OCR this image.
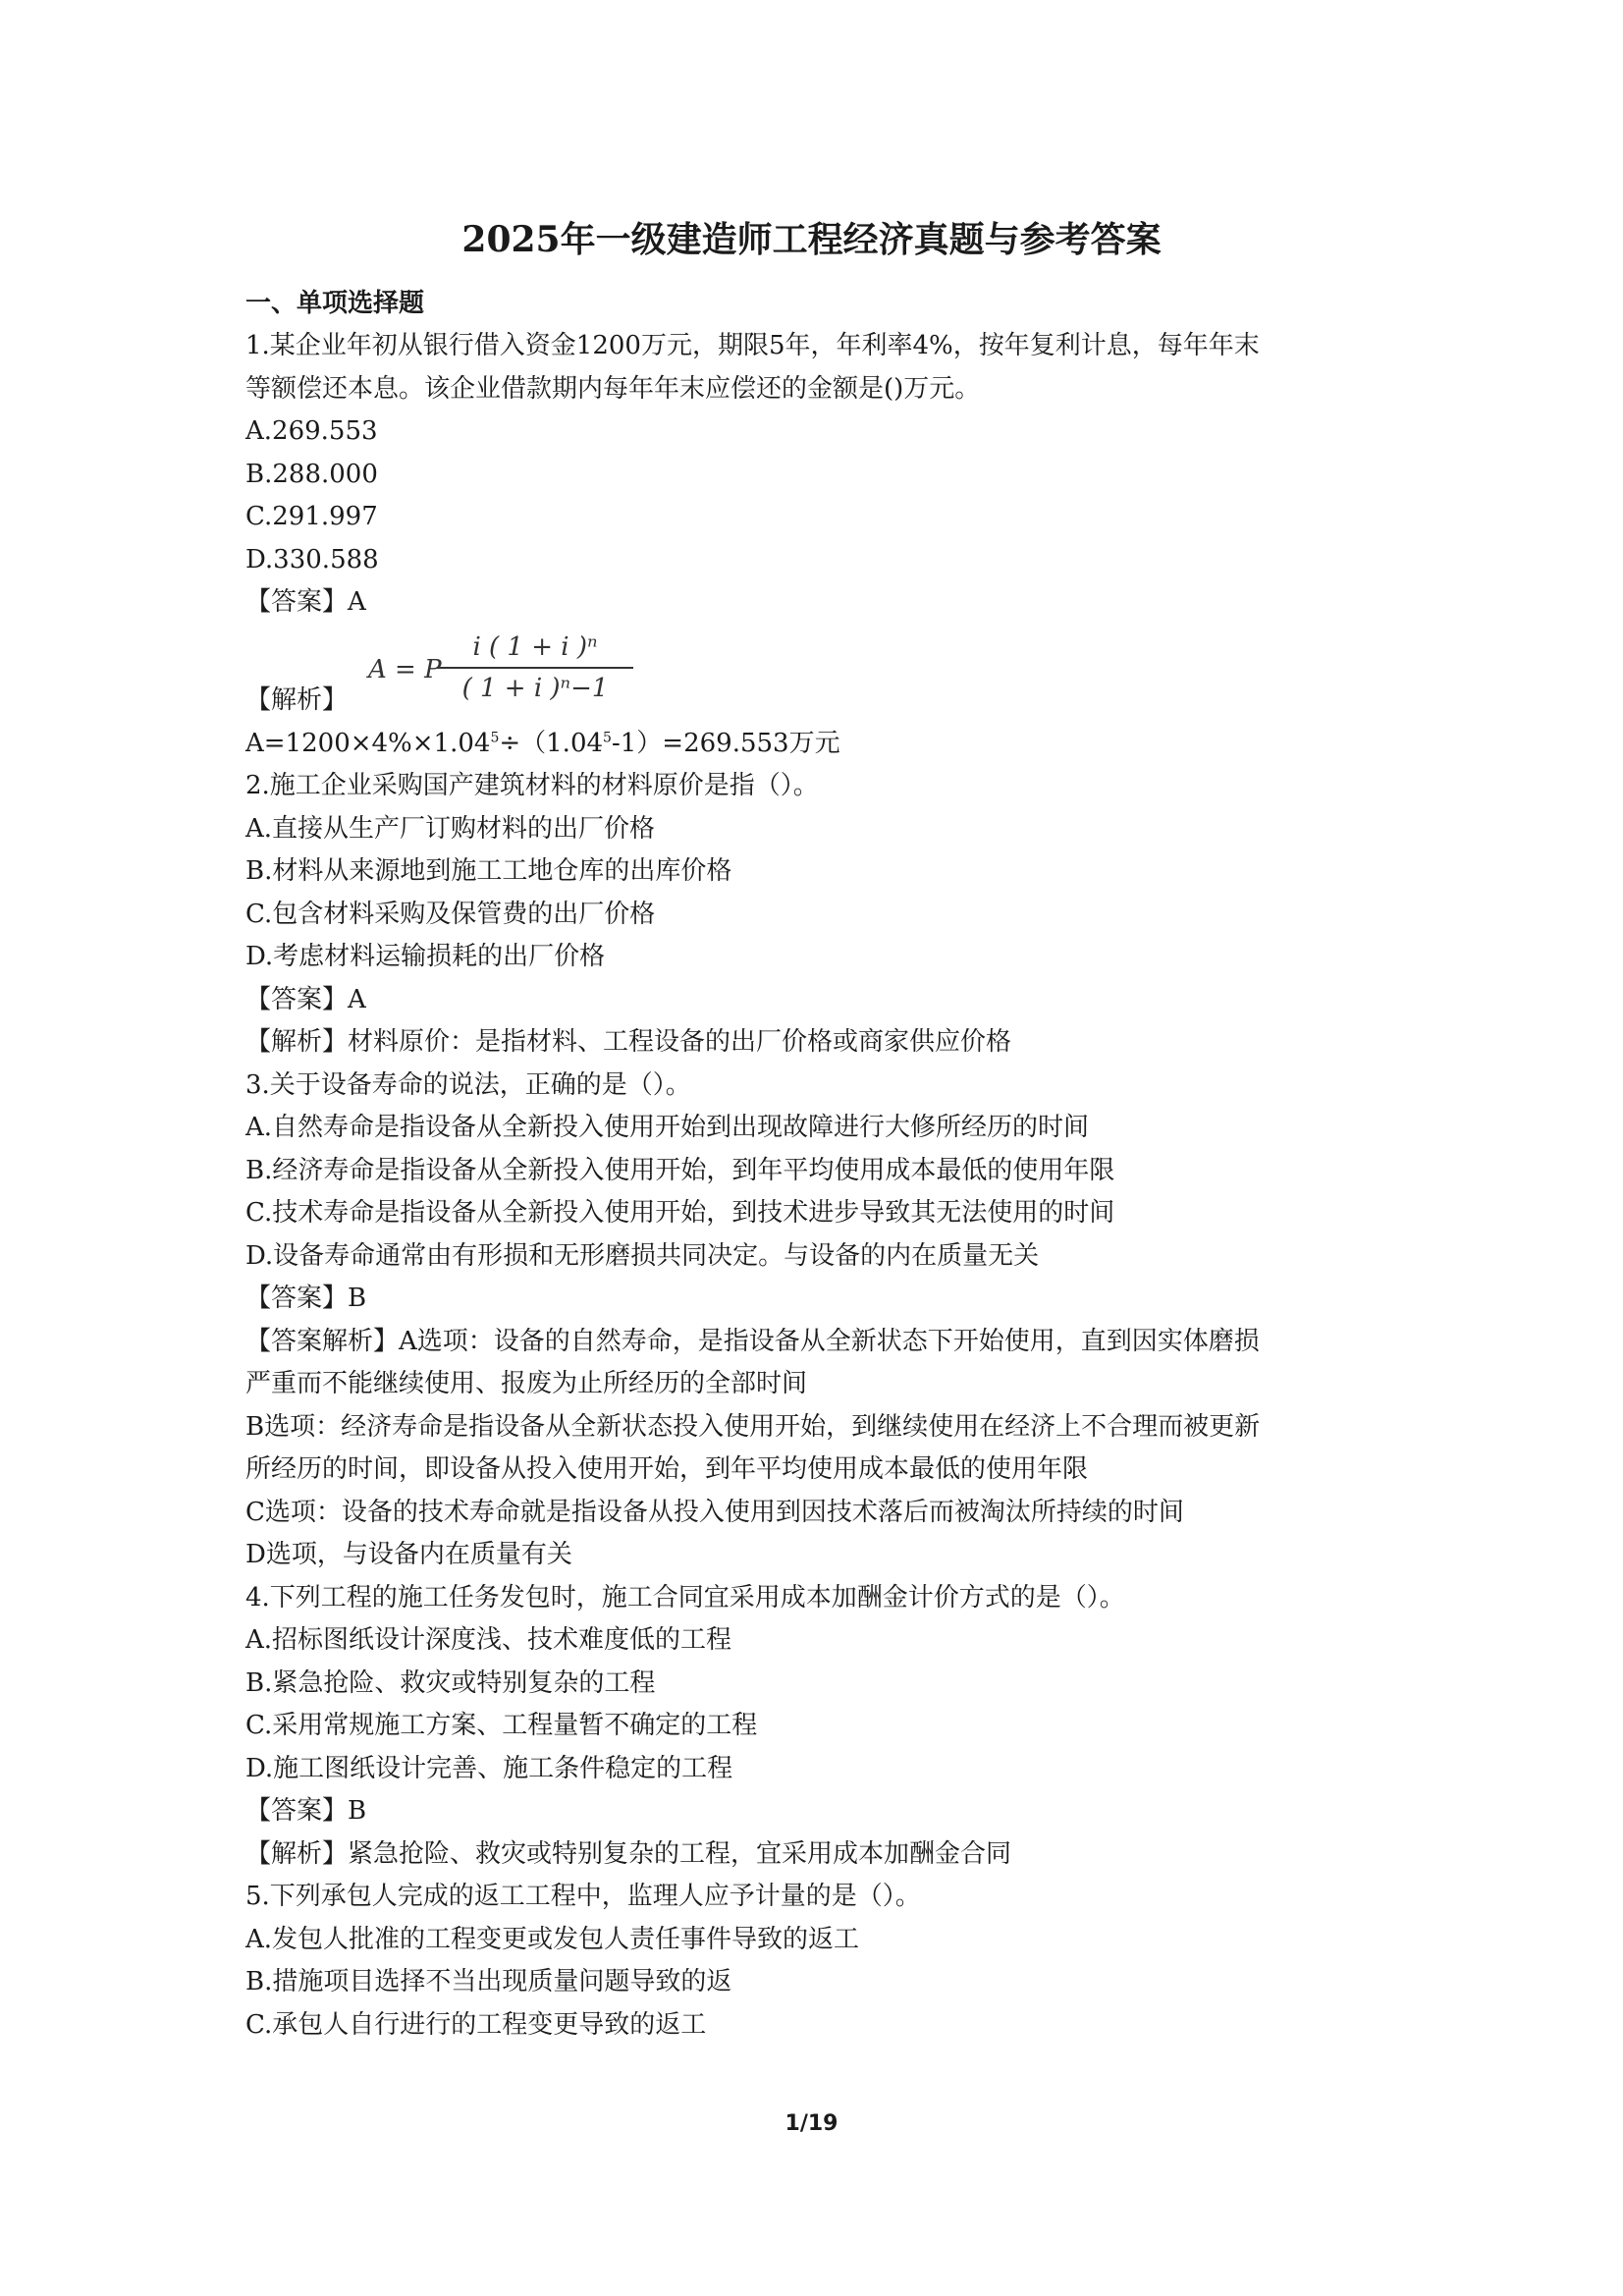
2025年一级建造师工程经济真题与参考答案
一、单项选择题
1.某企业年初从银行借入资金1200万元，期限5年，年利率4%，按年复利计息，每年年末
等额偿还本息。该企业借款期内每年年末应偿还的金额是()万元。
A.269.553
B.288.000
C.291.997
D.330.588
【答案】A
A = P
i ( 1 + i )ⁿ
( 1 + i )ⁿ−1
【解析】
$A=1200\times 4\%\times 1.04^5\div(1.04^5-1)=269.553$万元
2.施工企业采购国产建筑材料的材料原价是指（）。
A.直接从生产厂订购材料的出厂价格
B.材料从来源地到施工工地仓库的出库价格
C.包含材料采购及保管费的出厂价格
D.考虑材料运输损耗的出厂价格
【答案】A
【解析】材料原价：是指材料、工程设备的出厂价格或商家供应价格
3.关于设备寿命的说法，正确的是（）。
A.自然寿命是指设备从全新投入使用开始到出现故障进行大修所经历的时间
B.经济寿命是指设备从全新投入使用开始，到年平均使用成本最低的使用年限
C.技术寿命是指设备从全新投入使用开始，到技术进步导致其无法使用的时间
D.设备寿命通常由有形损和无形磨损共同决定。与设备的内在质量无关
【答案】B
【答案解析】A选项：设备的自然寿命，是指设备从全新状态下开始使用，直到因实体磨损
严重而不能继续使用、报废为止所经历的全部时间
B选项：经济寿命是指设备从全新状态投入使用开始，到继续使用在经济上不合理而被更新
所经历的时间，即设备从投入使用开始，到年平均使用成本最低的使用年限
C选项：设备的技术寿命就是指设备从投入使用到因技术落后而被淘汰所持续的时间
D选项，与设备内在质量有关
4.下列工程的施工任务发包时，施工合同宜采用成本加酬金计价方式的是（）。
A.招标图纸设计深度浅、技术难度低的工程
B.紧急抢险、救灾或特别复杂的工程
C.采用常规施工方案、工程量暂不确定的工程
D.施工图纸设计完善、施工条件稳定的工程
【答案】B
【解析】紧急抢险、救灾或特别复杂的工程，宜采用成本加酬金合同
5.下列承包人完成的返工工程中，监理人应予计量的是（）。
A.发包人批准的工程变更或发包人责任事件导致的返工
B.措施项目选择不当出现质量问题导致的返
C.承包人自行进行的工程变更导致的返工
1/19
